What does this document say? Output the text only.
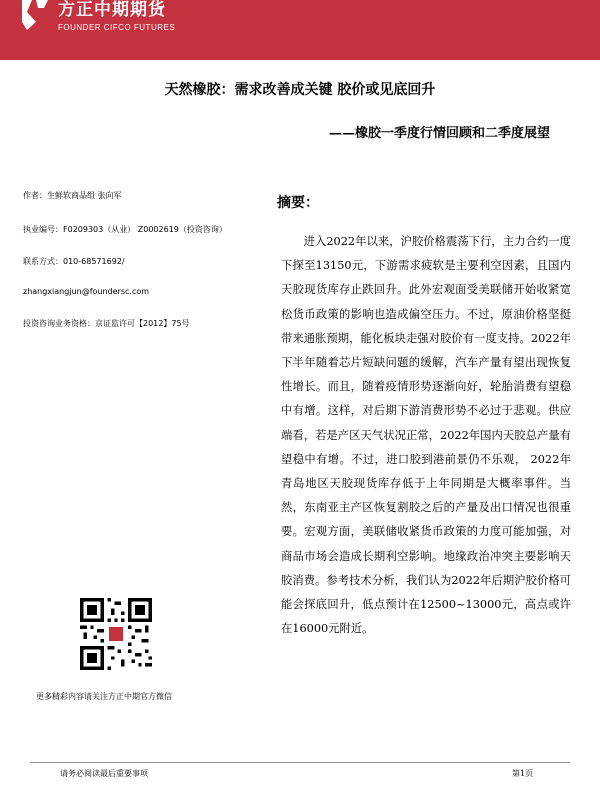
方正中期期货
FOUNDER CIFCO FUTURES
天然橡胶：需求改善成关键 胶价或见底回升
——橡胶一季度行情回顾和二季度展望
作者：生鲜软商品组 张向军
执业编号：F0209303（从业） Z0002619（投资咨询）
联系方式：010-68571692/
zhangxiangjun@foundersc.com
投资咨询业务资格：京证监许可【2012】75号
摘要：
进入2022年以来，沪胶价格震荡下行，主力合约一度下探至13150元，下游需求疲软是主要利空因素，且国内天胶现货库存止跌回升。此外宏观面受美联储开始收紧宽松货币政策的影响也造成偏空压力。不过，原油价格坚挺带来通胀预期，能化板块走强对胶价有一度支持。2022年下半年随着芯片短缺问题的缓解，汽车产量有望出现恢复性增长。而且，随着疫情形势逐渐向好，轮胎消费有望稳中有增。这样，对后期下游消费形势不必过于悲观。供应端看，若是产区天气状况正常，2022年国内天胶总产量有望稳中有增。不过，进口胶到港前景仍不乐观， 2022年青岛地区天胶现货库存低于上年同期是大概率事件。当然，东南亚主产区恢复割胶之后的产量及出口情况也很重要。宏观方面，美联储收紧货币政策的力度可能加强，对商品市场会造成长期利空影响。地缘政治冲突主要影响天胶消费。参考技术分析，我们认为2022年后期沪胶价格可能会探底回升，低点预计在12500~13000元，高点或许在16000元附近。
更多精彩内容请关注方正中期官方微信
请务必阅读最后重要事项	第1页
